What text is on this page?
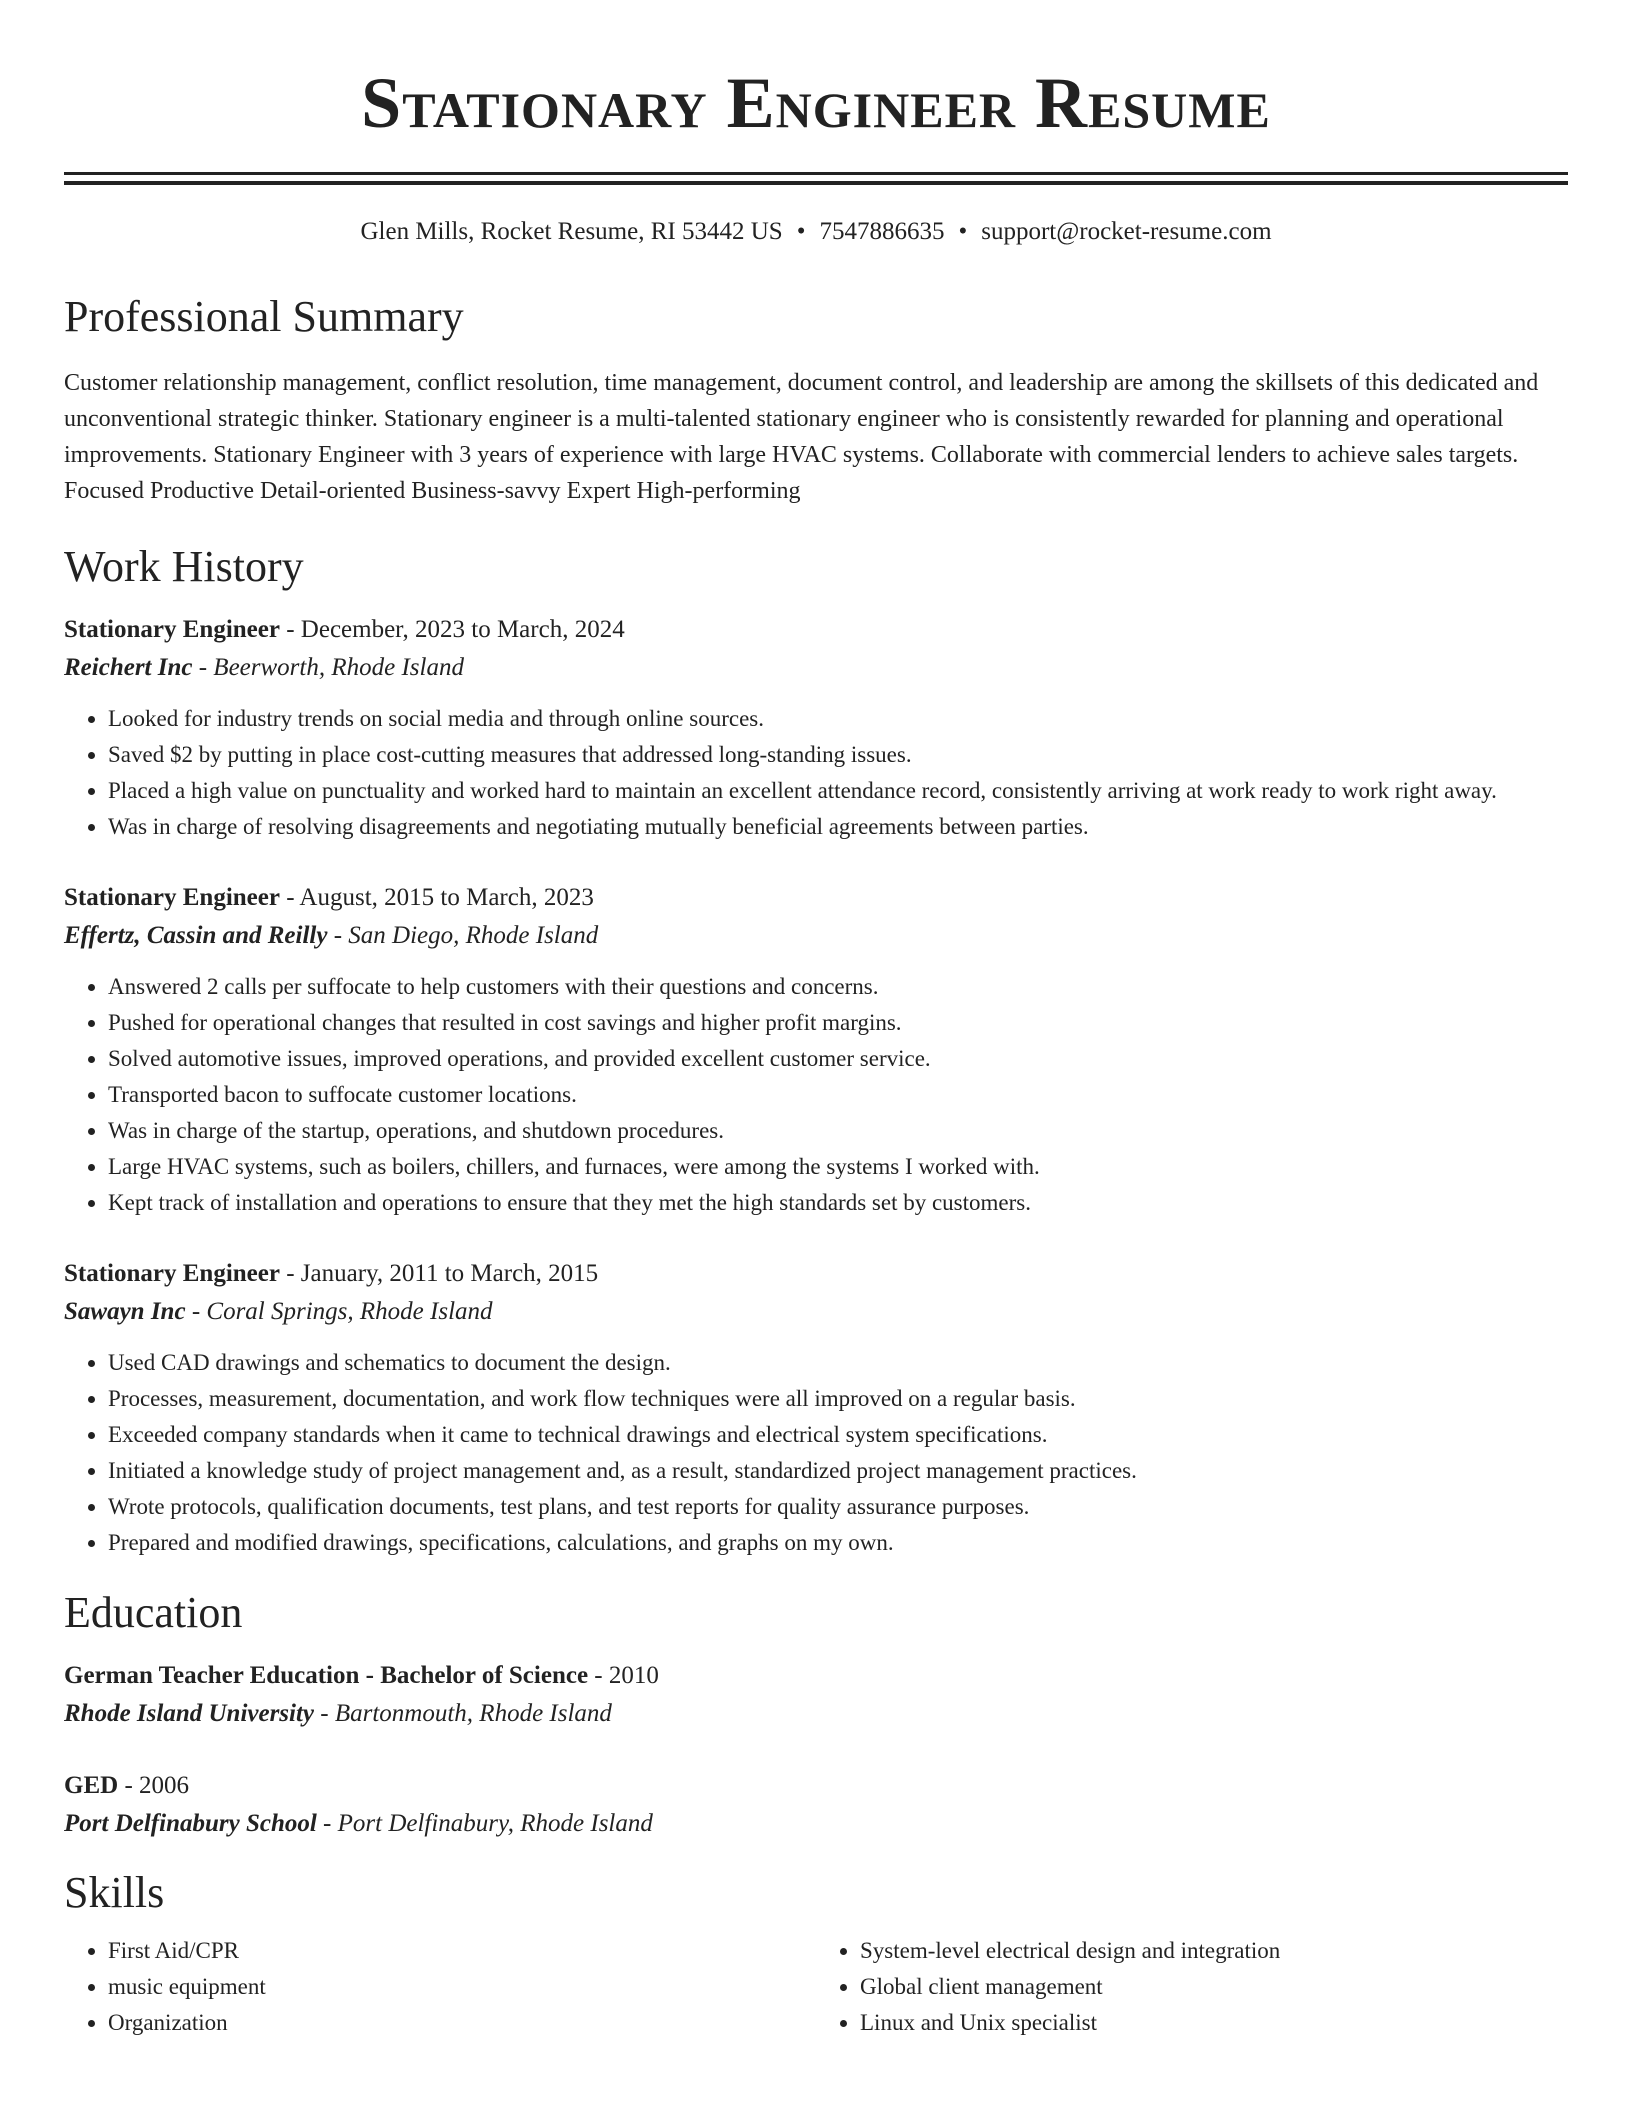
Stationary Engineer Resume
Glen Mills, Rocket Resume, RI 53442 US • 7547886635 • support@rocket-resume.com
Professional Summary

Customer relationship management, conflict resolution, time management, document control, and leadership are among the skillsets of this dedicated and unconventional strategic thinker. Stationary engineer is a multi-talented stationary engineer who is consistently rewarded for planning and operational improvements. Stationary Engineer with 3 years of experience with large HVAC systems. Collaborate with commercial lenders to achieve sales targets. Focused Productive Detail-oriented Business-savvy Expert High-performing

Work History
Stationary Engineer - December, 2023 to March, 2024
Reichert Inc - Beerworth, Rhode Island
• Looked for industry trends on social media and through online sources.
• Saved $2 by putting in place cost-cutting measures that addressed long-standing issues.
• Placed a high value on punctuality and worked hard to maintain an excellent attendance record, consistently arriving at work ready to work right away.
• Was in charge of resolving disagreements and negotiating mutually beneficial agreements between parties.
Stationary Engineer - August, 2015 to March, 2023
Effertz, Cassin and Reilly - San Diego, Rhode Island
• Answered 2 calls per suffocate to help customers with their questions and concerns.
• Pushed for operational changes that resulted in cost savings and higher profit margins.
• Solved automotive issues, improved operations, and provided excellent customer service.
• Transported bacon to suffocate customer locations.
• Was in charge of the startup, operations, and shutdown procedures.
• Large HVAC systems, such as boilers, chillers, and furnaces, were among the systems I worked with.
• Kept track of installation and operations to ensure that they met the high standards set by customers.
Stationary Engineer - January, 2011 to March, 2015
Sawayn Inc - Coral Springs, Rhode Island
• Used CAD drawings and schematics to document the design.
• Processes, measurement, documentation, and work flow techniques were all improved on a regular basis.
• Exceeded company standards when it came to technical drawings and electrical system specifications.
• Initiated a knowledge study of project management and, as a result, standardized project management practices.
• Wrote protocols, qualification documents, test plans, and test reports for quality assurance purposes.
• Prepared and modified drawings, specifications, calculations, and graphs on my own.
Education
German Teacher Education - Bachelor of Science - 2010
Rhode Island University - Bartonmouth, Rhode Island
GED - 2006
Port Delfinabury School - Port Delfinabury, Rhode Island
Skills
• First Aid/CPR
• music equipment
• Organization
• System-level electrical design and integration
• Global client management
• Linux and Unix specialist
